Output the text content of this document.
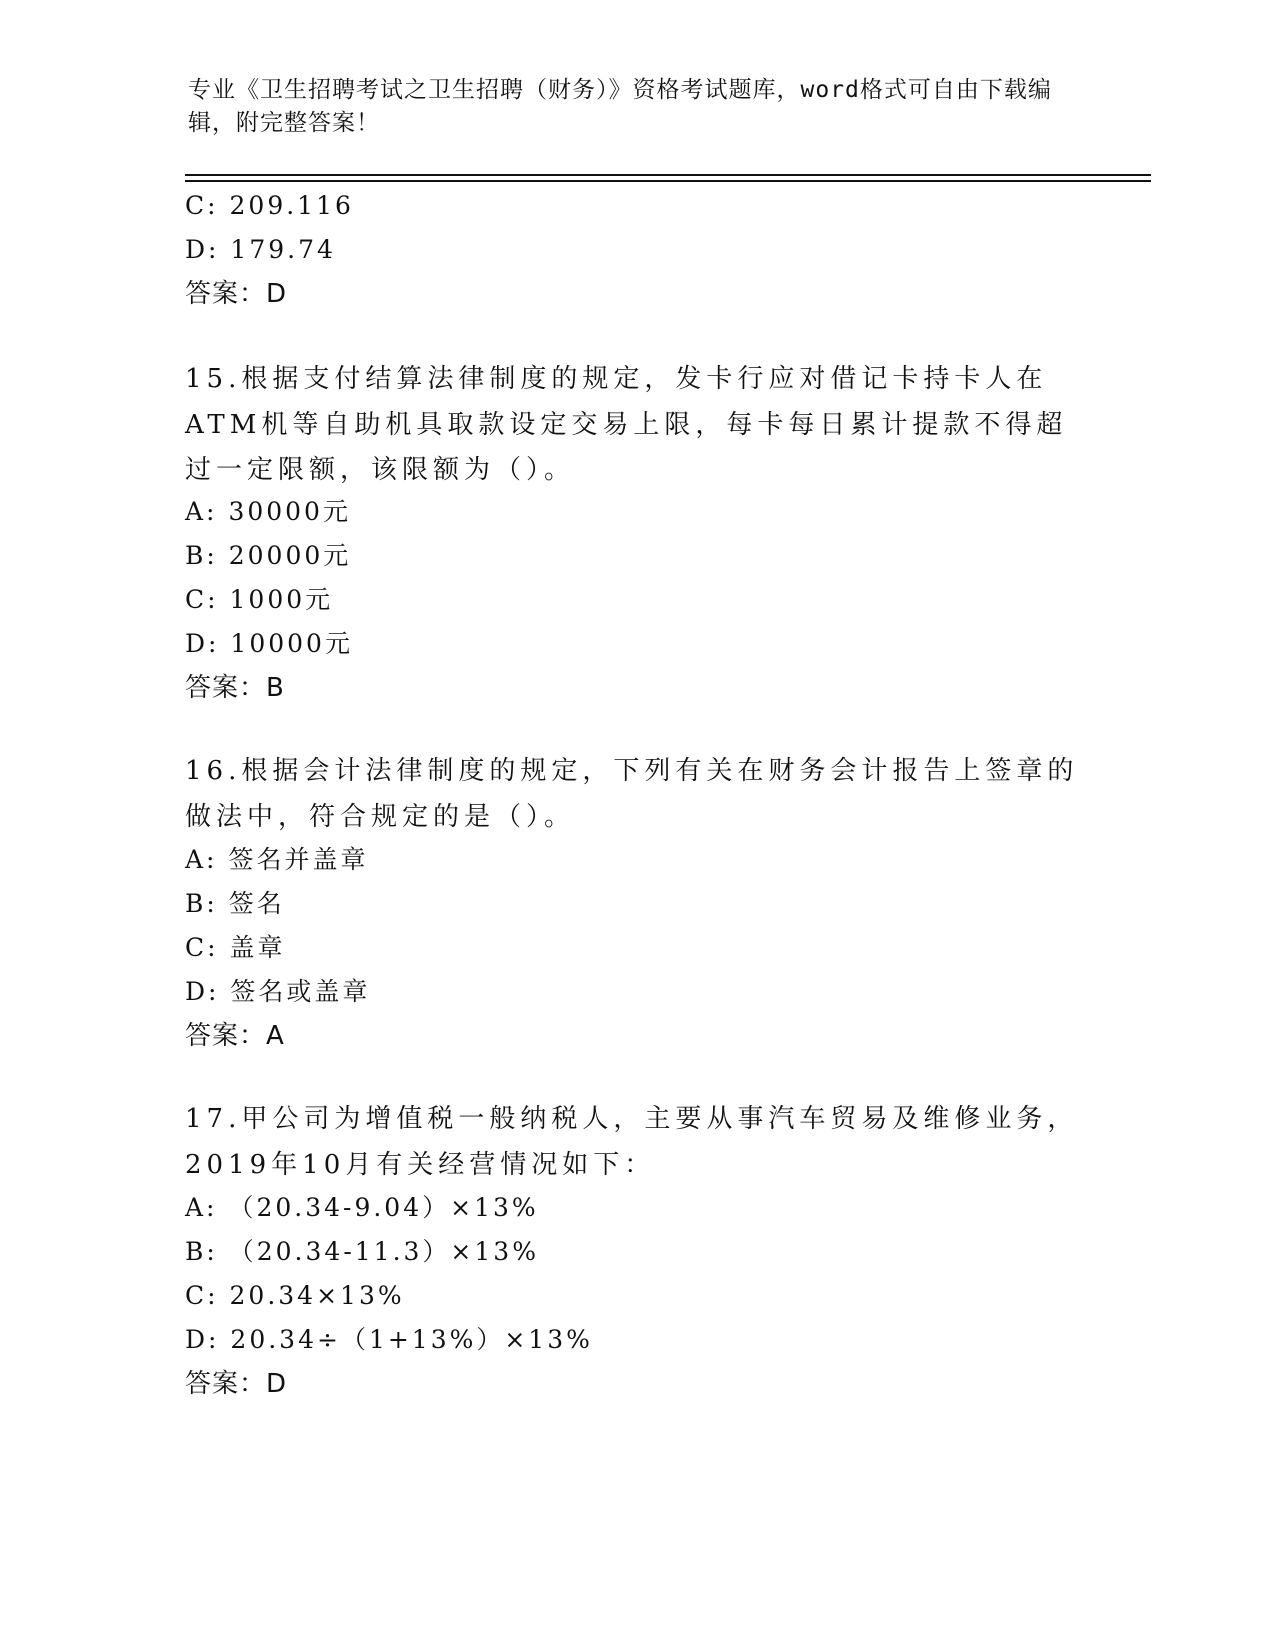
专业《卫生招聘考试之卫生招聘（财务）》资格考试题库，word格式可自由下载编辑，附完整答案！
C: 209.116
D: 179.74
答案：D
15.根据支付结算法律制度的规定，发卡行应对借记卡持卡人在ATM机等自助机具取款设定交易上限，每卡每日累计提款不得超过一定限额，该限额为（）。
A: 30000元
B: 20000元
C: 1000元
D: 10000元
答案：B
16.根据会计法律制度的规定，下列有关在财务会计报告上签章的做法中，符合规定的是（）。
A: 签名并盖章
B: 签名
C: 盖章
D: 签名或盖章
答案：A
17.甲公司为增值税一般纳税人，主要从事汽车贸易及维修业务，2019年10月有关经营情况如下：
A: （20.34-9.04）×13%
B: （20.34-11.3）×13%
C: 20.34×13%
D: 20.34÷（1+13%）×13%
答案：D
